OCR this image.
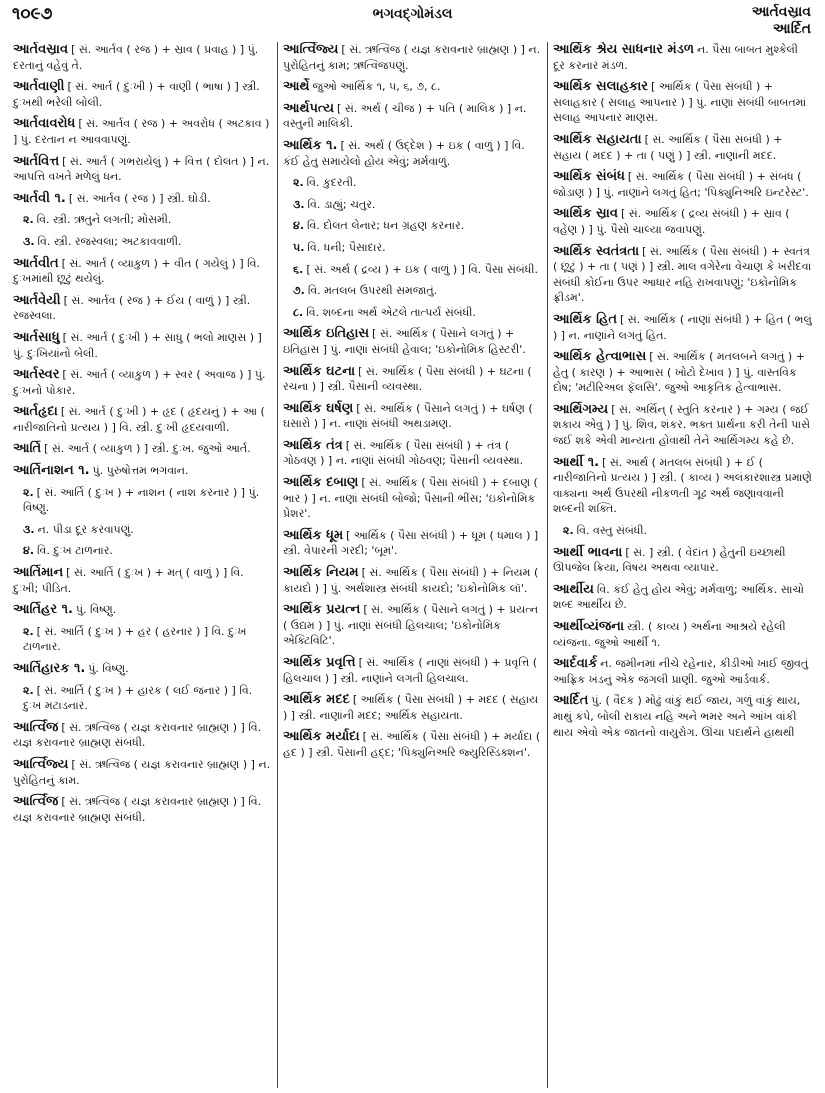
૧૦૯૭	ભગવદ્ગોમંડલ	આર્તવસ્રાવ
આર્દિત
આર્તવસ્રાવ [ સં. આર્તવ ( રજ ) + સ્રાવ ( પ્રવાહ ) ] પું. દરતાનું વહેવું તે.
આર્તવાણી [ સં. આર્ત ( દુઃખી ) + વાણી ( ભાષા ) ] સ્ત્રી. દુઃખથી ભરેલી બોલી.
આર્તવાવરોધ [ સં. આર્તવ ( રજ ) + અવરોધ ( અટકાવ ) ] પું. દરતાન ન આવવાપણું.
આર્તવિત્ત [ સં. આર્ત ( ગભરાયેલું ) + વિત્ત ( દોલત ) ] ન. આપત્તિ વખતે મળેલું ધન.
આર્તવી ૧. [ સં. આર્તવ ( રજ ) ] સ્ત્રી. ઘોડી.
૨. વિ. સ્ત્રી. ઋતુને લગતી; મોસમી.
૩. વિ. સ્ત્રી. રજસ્વલા; અટકાવવાળી.
આર્તવીત [ સં. આર્ત ( વ્યાકુળ ) + વીત ( ગયેલું ) ] વિ. દુઃખમાંથી છૂટું થયેલું.
આર્તવેયી [ સં. આર્તવ ( રજ ) + ઈય ( વાળું ) ] સ્ત્રી. રજસ્વલા.
આર્તસાધુ [ સં. આર્ત ( દુઃખી ) + સાધુ ( ભલો માણસ ) ] પું. દુઃખિયાંનો બેલી.
આર્તસ્વર [ સં. આર્ત ( વ્યાકુળ ) + સ્વર ( અવાજ ) ] પું. દુઃખનો પોકાર.
આર્તહૃદા [ સં. આર્ત ( દુઃખી ) + હૃદ ( હૃદયનું ) + આ ( નારીજાતિનો પ્રત્યય ) ] વિ. સ્ત્રી. દુઃખી હૃદયવાળી.
આર્તિ [ સં. આર્ત ( વ્યાકુળ ) ] સ્ત્રી. દુઃખ. જુઓ આર્ત.
આર્તિનાશન ૧. પું. પુરુષોત્તમ ભગવાન.
૨. [ સં. આર્તિ ( દુઃખ ) + નાશન ( નાશ કરનાર ) ] પું. વિષ્ણુ.
૩. ન. પીડા દૂર કરવાપણું.
૪. વિ. દુઃખ ટાળનાર.
આર્તિમાન [ સં. આર્તિ ( દુઃખ ) + મત્ ( વાળું ) ] વિ. દુઃખી; પીડિત.
આર્તિહર ૧. પું. વિષ્ણુ.
૨. [ સં. આર્તિ ( દુઃખ ) + હર ( હરનાર ) ] વિ. દુઃખ ટાળનાર.
આર્તિહારક ૧. પું. વિષ્ણુ.
૨. [ સં. આર્તિ ( દુઃખ ) + હારક ( લઈ જનાર ) ] વિ. દુઃખ મટાડનાર.
આર્ત્વિજ [ સં. ઋત્વિજ ( યજ્ઞ કરાવનાર બ્રાહ્મણ ) ] વિ. યજ્ઞ કરાવનાર બ્રાહ્મણ સંબંધી.
આર્ત્વિજ્ય [ સં. ઋત્વિજ ( યજ્ઞ કરાવનાર બ્રાહ્મણ ) ] ન. પુરોહિતનું કામ.
આર્ત્વિજ [ સં. ઋત્વિજ ( યજ્ઞ કરાવનાર બ્રાહ્મણ ) ] વિ. યજ્ઞ કરાવનાર બ્રાહ્મણ સંબંધી.
આર્ત્વિજ્ય [ સં. ઋત્વિજ ( યજ્ઞ કરાવનાર બ્રાહ્મણ ) ] ન. પુરોહિતનું કામ; ઋત્વિજપણું.
આર્થે જુઓ આર્થિક ૧, ૫, ૬, ૭, ૮.
આર્થપત્ય [ સં. અર્થ ( ચીજ ) + પતિ ( માલિક ) ] ન. વસ્તુની માલિકી.
આર્થિક ૧. [ સં. અર્થ ( ઉદ્દેશ ) + ઇક ( વાળું ) ] વિ. કંઈ હેતુ સમાયેલો હોય એવું; મર્મવાળું.
૨. વિ. કુદરતી.
૩. વિ. ડાહ્યું; ચતુર.
૪. વિ. દોલત લેનાર; ધન ગ્રહણ કરનાર.
૫. વિ. ધની; પૈસાદાર.
૬. [ સં. અર્થ ( દ્રવ્ય ) + ઇક ( વાળું ) ] વિ. પૈસા સંબંધી.
૭. વિ. મતલબ ઉપરથી સમજાતું.
૮. વિ. શબ્દના અર્થ એટલે તાત્પર્ય સંબંધી.
આર્થિક ઇતિહાસ [ સં. આર્થિક ( પૈસાને લગતું ) + ઇતિહાસ ] પું. નાણાં સંબંધી હેવાલ; 'ઇકોનોમિક હિસ્ટરી'.
આર્થિક ઘટના [ સં. આર્થિક ( પૈસા સંબંધી ) + ઘટના ( રચના ) ] સ્ત્રી. પૈસાની વ્યવસ્થા.
આર્થિક ઘર્ષણ [ સં. આર્થિક ( પૈસાને લગતું ) + ઘર્ષણ ( ઘસારો ) ] ન. નાણાં સંબંધી અથડામણ.
આર્થિક તંત્ર [ સં. આર્થિક ( પૈસા સંબંધી ) + તંત્ર ( ગોઠવણ ) ] ન. નાણાં સંબંધી ગોઠવણ; પૈસાની વ્યવસ્થા.
આર્થિક દબાણ [ સં. આર્થિક ( પૈસા સંબંધી ) + દબાણ ( ભાર ) ] ન. નાણાં સંબંધી બોજો; પૈસાની ભીંસ; 'ઇકોનોમિક પ્રેશર'.
આર્થિક ધૂમ [ આર્થિક ( પૈસા સંબંધી ) + ધૂમ ( ધમાલ ) ] સ્ત્રી. વેપારની ગરદી; 'બૂમ'.
આર્થિક નિયમ [ સં. આર્થિક ( પૈસા સંબંધી ) + નિયમ ( કાયદો ) ] પું. અર્થશાસ્ત્ર સંબંધી કાયદો; 'ઇકોનોમિક લૉ'.
આર્થિક પ્રયત્ન [ સં. આર્થિક ( પૈસાને લગતું ) + પ્રયત્ન ( ઉદ્યમ ) ] પું. નાણાં સંબંધી હિલચાલ; 'ઇકોનોમિક એક્ટિવિટિ'.
આર્થિક પ્રવૃત્તિ [ સં. આર્થિક ( નાણાં સંબંધી ) + પ્રવૃત્તિ ( હિલચાલ ) ] સ્ત્રી. નાણાંને લગતી હિલચાલ.
આર્થિક મદદ [ આર્થિક ( પૈસા સંબંધી ) + મદદ ( સહાય ) ] સ્ત્રી. નાણાંની મદદ; આર્થિક સહાયતા.
આર્થિક મર્યાદા [ સં. આર્થિક ( પૈસા સંબંધી ) + મર્યાદા ( હદ ) ] સ્ત્રી. પૈસાની હદ્દ; 'પિક્યુનિઅરિ જ્યુરિસ્ડિક્શન'.
આર્થિક શ્રેય સાધનાર મંડળ ન. પૈસા બાબત મુશ્કેલી દૂર કરનાર મંડળ.
આર્થિક સલાહકાર [ આર્થિક ( પૈસા સંબંધી ) + સલાહકાર ( સલાહ આપનાર ) ] પું. નાણાં સંબંધી બાબતમાં સલાહ આપનાર માણસ.
આર્થિક સહાયતા [ સં. આર્થિક ( પૈસા સંબંધી ) + સહાય ( મદદ ) + તા ( પણું ) ] સ્ત્રી. નાણાંની મદદ.
આર્થિક સંબંધ [ સં. આર્થિક ( પૈસા સંબંધી ) + સંબંધ ( જોડાણ ) ] પું. નાણાંને લગતું હિત; 'પિક્યુનિઅરિ ઇન્ટરેસ્ટ'.
આર્થિક સ્રાવ [ સં. આર્થિક ( દ્રવ્ય સંબંધી ) + સ્રાવ ( વહેણ ) ] પું. પૈસો ચાલ્યા જવાપણું.
આર્થિક સ્વતંત્રતા [ સં. આર્થિક ( પૈસા સંબંધી ) + સ્વતંત્ર ( છૂટું ) + તા ( પણં ) ] સ્ત્રી. માલ વગેરેના વેચાણ કે ખરીદવા સંબંધી કોઈના ઉપર આધાર નહિ રાખવાપણું; 'ઇકોનોમિક ફ્રીડમ'.
આર્થિક હિત [ સં. આર્થિક ( નાણાં સંબંધી ) + હિત ( ભલું ) ] ન. નાણાંને લગતું હિત.
આર્થિક હેત્વાભાસ [ સં. આર્થિક ( મતલબને લગતું ) + હેતુ ( કારણ ) + આભાસ ( ખોટો દેખાવ ) ] પું. વાસ્તવિક દોષ; 'મટીરિઅલ ફૅલસિ'. જુઓ આકૃતિક હેત્વાભાસ.
આર્થિગમ્ય [ સં. અર્થિન્ ( સ્તુતિ કરનાર ) + ગમ્ય ( જઈ શકાય એવું ) ] પું. શિવ, શંકર. ભક્ત પ્રાર્થના કરી તેની પાસે જઈ શકે એવી માન્યતા હોવાથી તેને આર્થિગમ્ય કહે છે.
આર્થી ૧. [ સં. આર્થ ( મતલબ સંબંધી ) + ઈ ( નારીજાતિનો પ્રત્યય ) ] સ્ત્રી. ( કાવ્ય ) અલંકારશાસ્ત્ર પ્રમાણે વાક્યના અર્થ ઉપરથી નીકળતી ગૂઢ અર્થ જણાવવાની શબ્દની શક્તિ.
૨. વિ. વસ્તુ સંબંધી.
આર્થી ભાવના [ સં. ] સ્ત્રી. ( વેદાંત ) હેતુની ઇચ્છાથી ઊપજેલ ક્રિયા, વિષય અથવા વ્યાપાર.
આર્થીય વિ. કંઈ હેતુ હોય એવું; મર્મવાળું; આર્થિક. સાચો શબ્દ આર્થીય છે.
આર્થીવ્યંજના સ્ત્રી. ( કાવ્ય ) અર્થના આશ્રયે રહેલી વ્યંજના. જુઓ આર્થી ૧.
આર્દવાર્ક ન. જમીનમાં નીચે રહેનાર, કીડીઓ ખાઈ જીવતું આફ્રિક ખંડનું એક જંગલી પ્રાણી. જુઓ આર્ડવાર્ક.
આર્દિત પું. ( વૈદક ) મોઢું વાંકું થઈ જાય, ગળું વાંકું થાય, માથું કંપે, બોલી રાકાય નહિ અને ભમર અને આંખ વાંકી થાય એવો એક જાતનો વાયુરોગ. ઊંચા પદાર્થને હાથથી
